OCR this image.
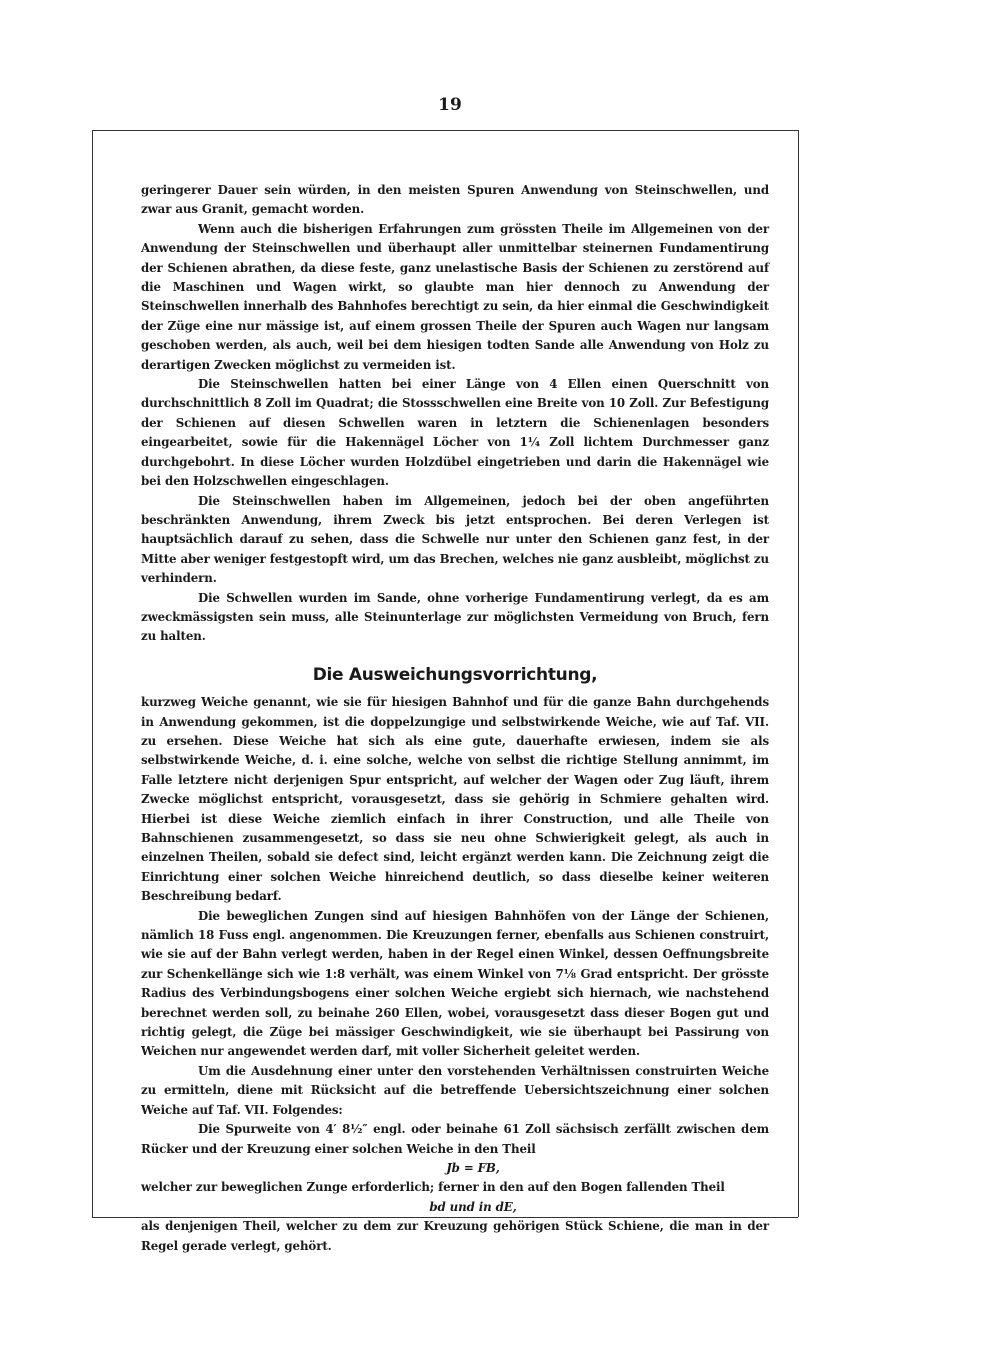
19

geringerer Dauer sein würden, in den meisten Spuren Anwendung von Steinschwellen, und zwar aus Granit, gemacht worden.

Wenn auch die bisherigen Erfahrungen zum grössten Theile im Allgemeinen von der Anwendung der Steinschwellen und überhaupt aller unmittelbar steinernen Fundamentirung der Schienen abrathen, da diese feste, ganz unelastische Basis der Schienen zu zerstörend auf die Maschinen und Wagen wirkt, so glaubte man hier dennoch zu Anwendung der Steinschwellen innerhalb des Bahnhofes berechtigt zu sein, da hier einmal die Geschwindigkeit der Züge eine nur mässige ist, auf einem grossen Theile der Spuren auch Wagen nur langsam geschoben werden, als auch, weil bei dem hiesigen todten Sande alle Anwendung von Holz zu derartigen Zwecken möglichst zu vermeiden ist.

Die Steinschwellen hatten bei einer Länge von 4 Ellen einen Querschnitt von durchschnittlich 8 Zoll im Quadrat; die Stossschwellen eine Breite von 10 Zoll. Zur Befestigung der Schienen auf diesen Schwellen waren in letztern die Schienenlagen besonders eingearbeitet, sowie für die Hakennägel Löcher von 1¼ Zoll lichtem Durchmesser ganz durchgebohrt. In diese Löcher wurden Holzdübel eingetrieben und darin die Hakennägel wie bei den Holzschwellen eingeschlagen.

Die Steinschwellen haben im Allgemeinen, jedoch bei der oben angeführten beschränkten Anwendung, ihrem Zweck bis jetzt entsprochen. Bei deren Verlegen ist hauptsächlich darauf zu sehen, dass die Schwelle nur unter den Schienen ganz fest, in der Mitte aber weniger festgestopft wird, um das Brechen, welches nie ganz ausbleibt, möglichst zu verhindern.

Die Schwellen wurden im Sande, ohne vorherige Fundamentirung verlegt, da es am zweckmässigsten sein muss, alle Steinunterlage zur möglichsten Vermeidung von Bruch, fern zu halten.

Die Ausweichungsvorrichtung,

kurzweg Weiche genannt, wie sie für hiesigen Bahnhof und für die ganze Bahn durchgehends in Anwendung gekommen, ist die doppelzungige und selbstwirkende Weiche, wie auf Taf. VII. zu ersehen. Diese Weiche hat sich als eine gute, dauerhafte erwiesen, indem sie als selbstwirkende Weiche, d. i. eine solche, welche von selbst die richtige Stellung annimmt, im Falle letztere nicht derjenigen Spur entspricht, auf welcher der Wagen oder Zug läuft, ihrem Zwecke möglichst entspricht, vorausgesetzt, dass sie gehörig in Schmiere gehalten wird. Hierbei ist diese Weiche ziemlich einfach in ihrer Construction, und alle Theile von Bahnschienen zusammengesetzt, so dass sie neu ohne Schwierigkeit gelegt, als auch in einzelnen Theilen, sobald sie defect sind, leicht ergänzt werden kann. Die Zeichnung zeigt die Einrichtung einer solchen Weiche hinreichend deutlich, so dass dieselbe keiner weiteren Beschreibung bedarf.

Die beweglichen Zungen sind auf hiesigen Bahnhöfen von der Länge der Schienen, nämlich 18 Fuss engl. angenommen. Die Kreuzungen ferner, ebenfalls aus Schienen construirt, wie sie auf der Bahn verlegt werden, haben in der Regel einen Winkel, dessen Oeffnungsbreite zur Schenkellänge sich wie 1:8 verhält, was einem Winkel von 7⅛ Grad entspricht. Der grösste Radius des Verbindungsbogens einer solchen Weiche ergiebt sich hiernach, wie nachstehend berechnet werden soll, zu beinahe 260 Ellen, wobei, vorausgesetzt dass dieser Bogen gut und richtig gelegt, die Züge bei mässiger Geschwindigkeit, wie sie überhaupt bei Passirung von Weichen nur angewendet werden darf, mit voller Sicherheit geleitet werden.

Um die Ausdehnung einer unter den vorstehenden Verhältnissen construirten Weiche zu ermitteln, diene mit Rücksicht auf die betreffende Uebersichtszeichnung einer solchen Weiche auf Taf. VII. Folgendes:

Die Spurweite von 4′ 8½″ engl. oder beinahe 61 Zoll sächsisch zerfällt zwischen dem Rücker und der Kreuzung einer solchen Weiche in den Theil

Jb = FB,

welcher zur beweglichen Zunge erforderlich; ferner in den auf den Bogen fallenden Theil

bd und in dE,

als denjenigen Theil, welcher zu dem zur Kreuzung gehörigen Stück Schiene, die man in der Regel gerade verlegt, gehört.
